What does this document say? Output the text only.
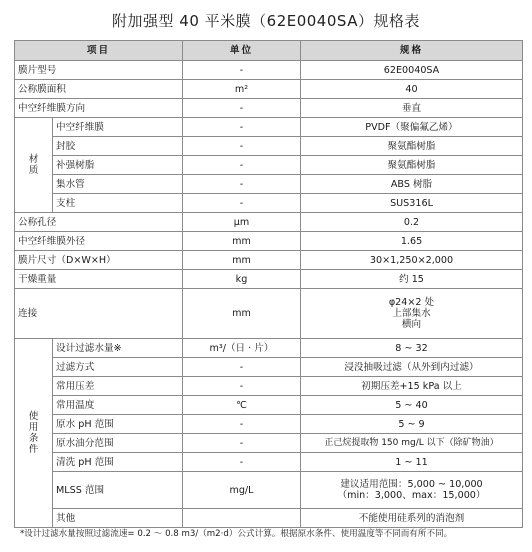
附加强型 40 平米膜（62E0040SA）规格表
项目		单位	规格
膜片型号		-	62E0040SA
公称膜面积		m²	40
中空纤维膜方向		-	垂直
材质	中空纤维膜	-	PVDF（聚偏氟乙烯）
	封胶	-	聚氨酯树脂
	补强树脂	-	聚氨酯树脂
	集水管	-	ABS 树脂
	支柱	-	SUS316L
公称孔径		μm	0.2
中空纤维膜外径		mm	1.65
膜片尺寸（D×W×H）		mm	30×1,250×2,000
干燥重量		kg	约 15
连接		mm	φ24×2 处
上部集水
横向

使用条件	设计过滤水量※	m³/（日 · 片）	8 ~ 32
	过滤方式	-	浸没抽吸过滤（从外到内过滤）
	常用压差	-	初期压差+15 kPa 以上
	常用温度	℃	5 ~ 40
	原水 pH 范围	-	5 ~ 9
	原水油分范围	-	正己烷提取物 150 mg/L 以下（除矿物油）
	清洗 pH 范围	-	1 ~ 11
	MLSS 范围	mg/L	建议适用范围：5,000 ~ 10,000
（min：3,000、max：15,000）

	其他		不能使用硅系列的消泡剂
*设计过滤水量按照过滤流速= 0.2 ～ 0.8 m3/（m2·d）公式计算。根据原水条件、使用温度等不同而有所不同。
